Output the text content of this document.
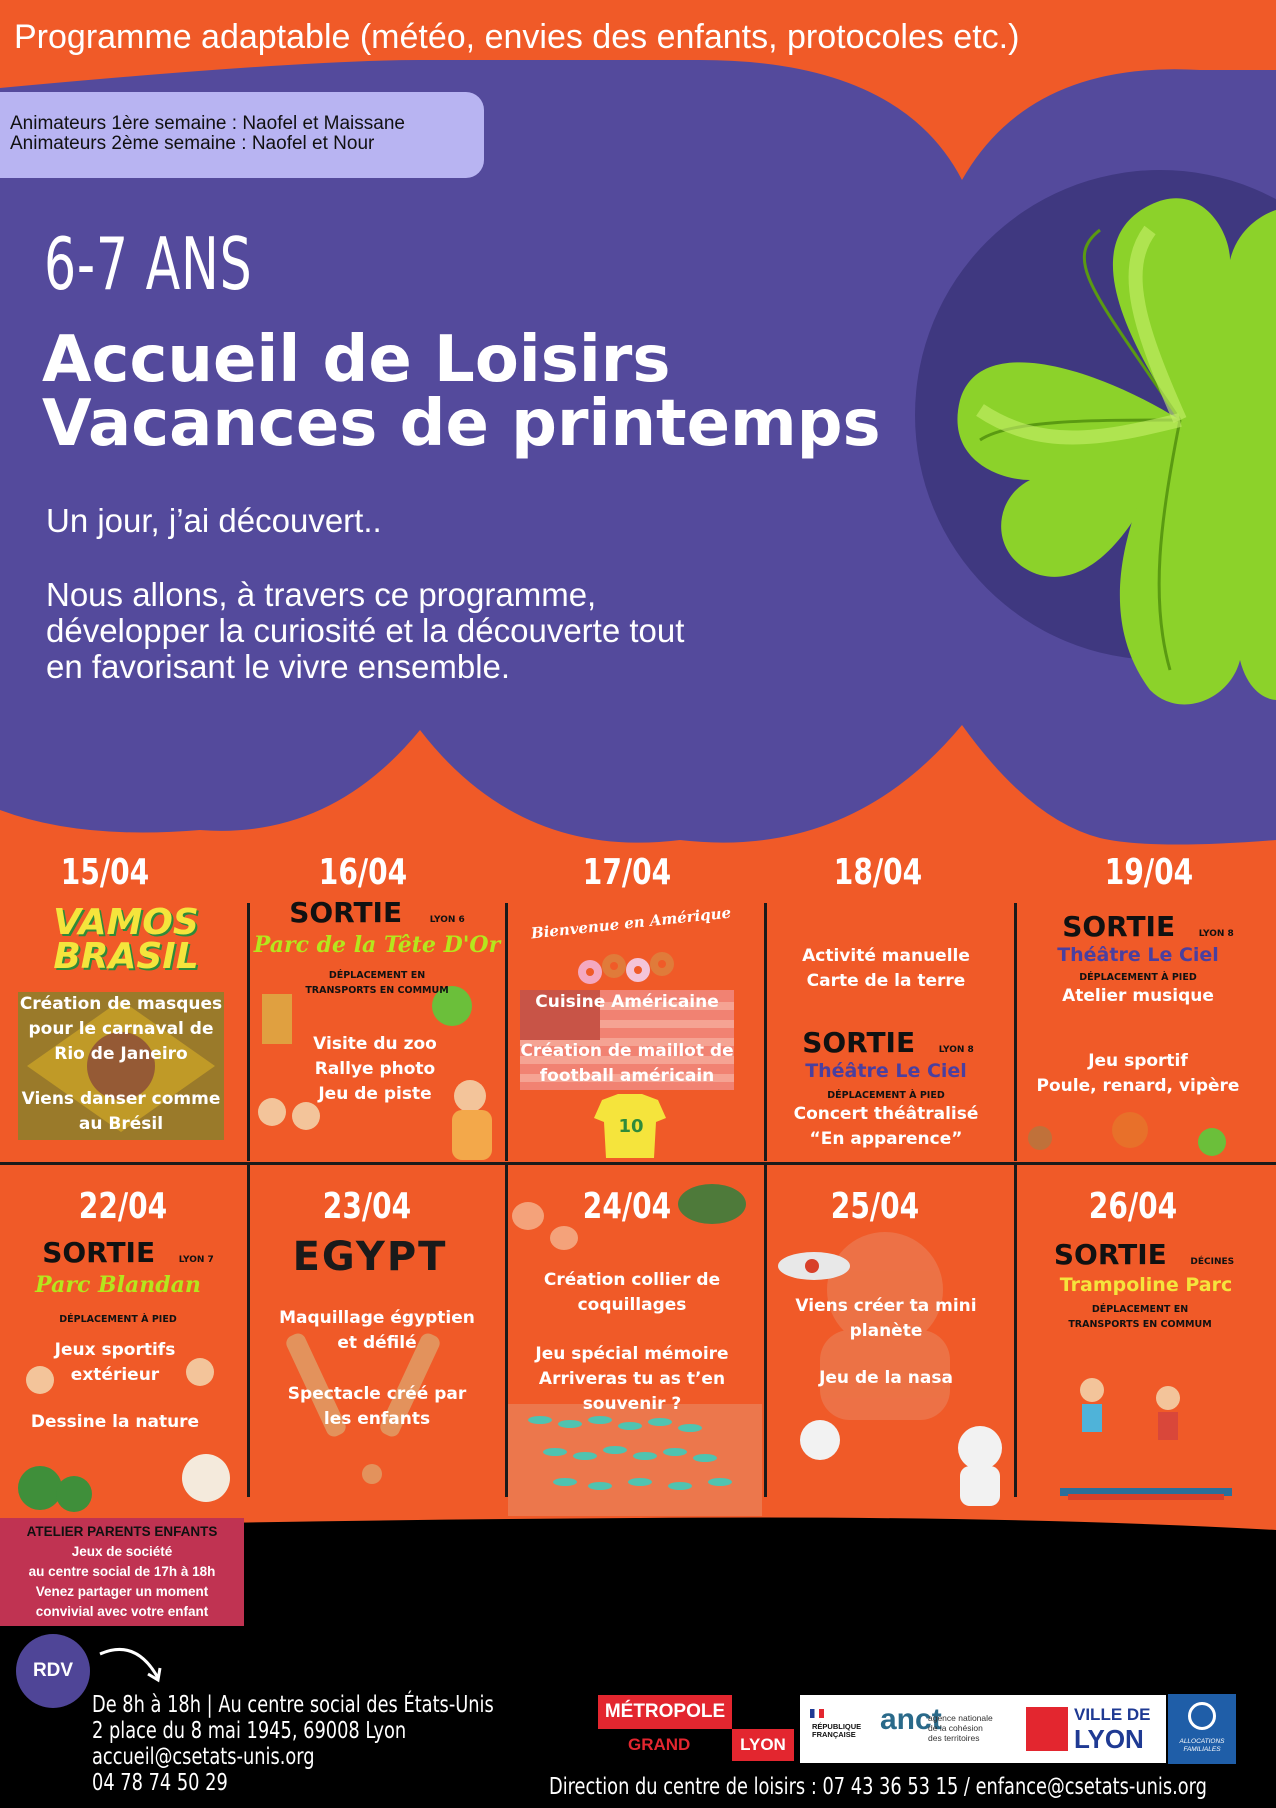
Programme adaptable (météo, envies des enfants, protocoles etc.)
Animateurs 1ère semaine : Naofel et Maissane
Animateurs 2ème semaine : Naofel et Nour
6-7 ANS
Accueil de Loisirs
Vacances de printemps
Un jour, j’ai découvert..
Nous allons, à travers ce programme,
développer la curiosité et la découverte tout
en favorisant le vivre ensemble.
15/04
VAMOS BRASIL
Création de masques
pour le carnaval de
Rio de Janeiro
Viens danser comme
au Brésil
16/04
SORTIE	LYON 6
Parc de la Tête D'Or
DÉPLACEMENT EN
TRANSPORTS EN COMMUM
Visite du zoo
Rallye photo
Jeu de piste
17/04
Bienvenue en Amérique
Cuisine Américaine
Création de maillot de
football américain
10
18/04
Activité manuelle
Carte de la terre
SORTIE	LYON 8
Théâtre Le Ciel
DÉPLACEMENT À PIED
Concert théâtralisé
“En apparence”
19/04
SORTIE	LYON 8
Théâtre Le Ciel
DÉPLACEMENT À PIED
Atelier musique
Jeu sportif
Poule, renard, vipère
22/04
SORTIE	LYON 7
Parc Blandan
DÉPLACEMENT À PIED
Jeux sportifs
extérieur
Dessine la nature
23/04
EGYPT
Maquillage égyptien
et défilé
Spectacle créé par
les enfants
24/04
Création collier de
coquillages
Jeu spécial mémoire
Arriveras tu as t’en
souvenir ?
25/04
Viens créer ta mini
planète
Jeu de la nasa
26/04
SORTIE	DÉCINES
Trampoline Parc
DÉPLACEMENT EN
TRANSPORTS EN COMMUM
ATELIER PARENTS ENFANTS
Jeux de société
au centre social de 17h à 18h
Venez partager un moment
convivial avec votre enfant
RDV
De 8h à 18h | Au centre social des États-Unis
2 place du 8 mai 1945, 69008 Lyon
accueil@csetats-unis.org
04 78 74 50 29	Direction du centre de loisirs : 07 43 36 53 15 / enfance@csetats-unis.org
MÉTROPOLE
GRAND	LYON
RÉPUBLIQUE
FRANÇAISE anct
agence nationale
de la cohésion
des territoires
VILLE DE
LYON	ALLOCATIONS
FAMILIALES
